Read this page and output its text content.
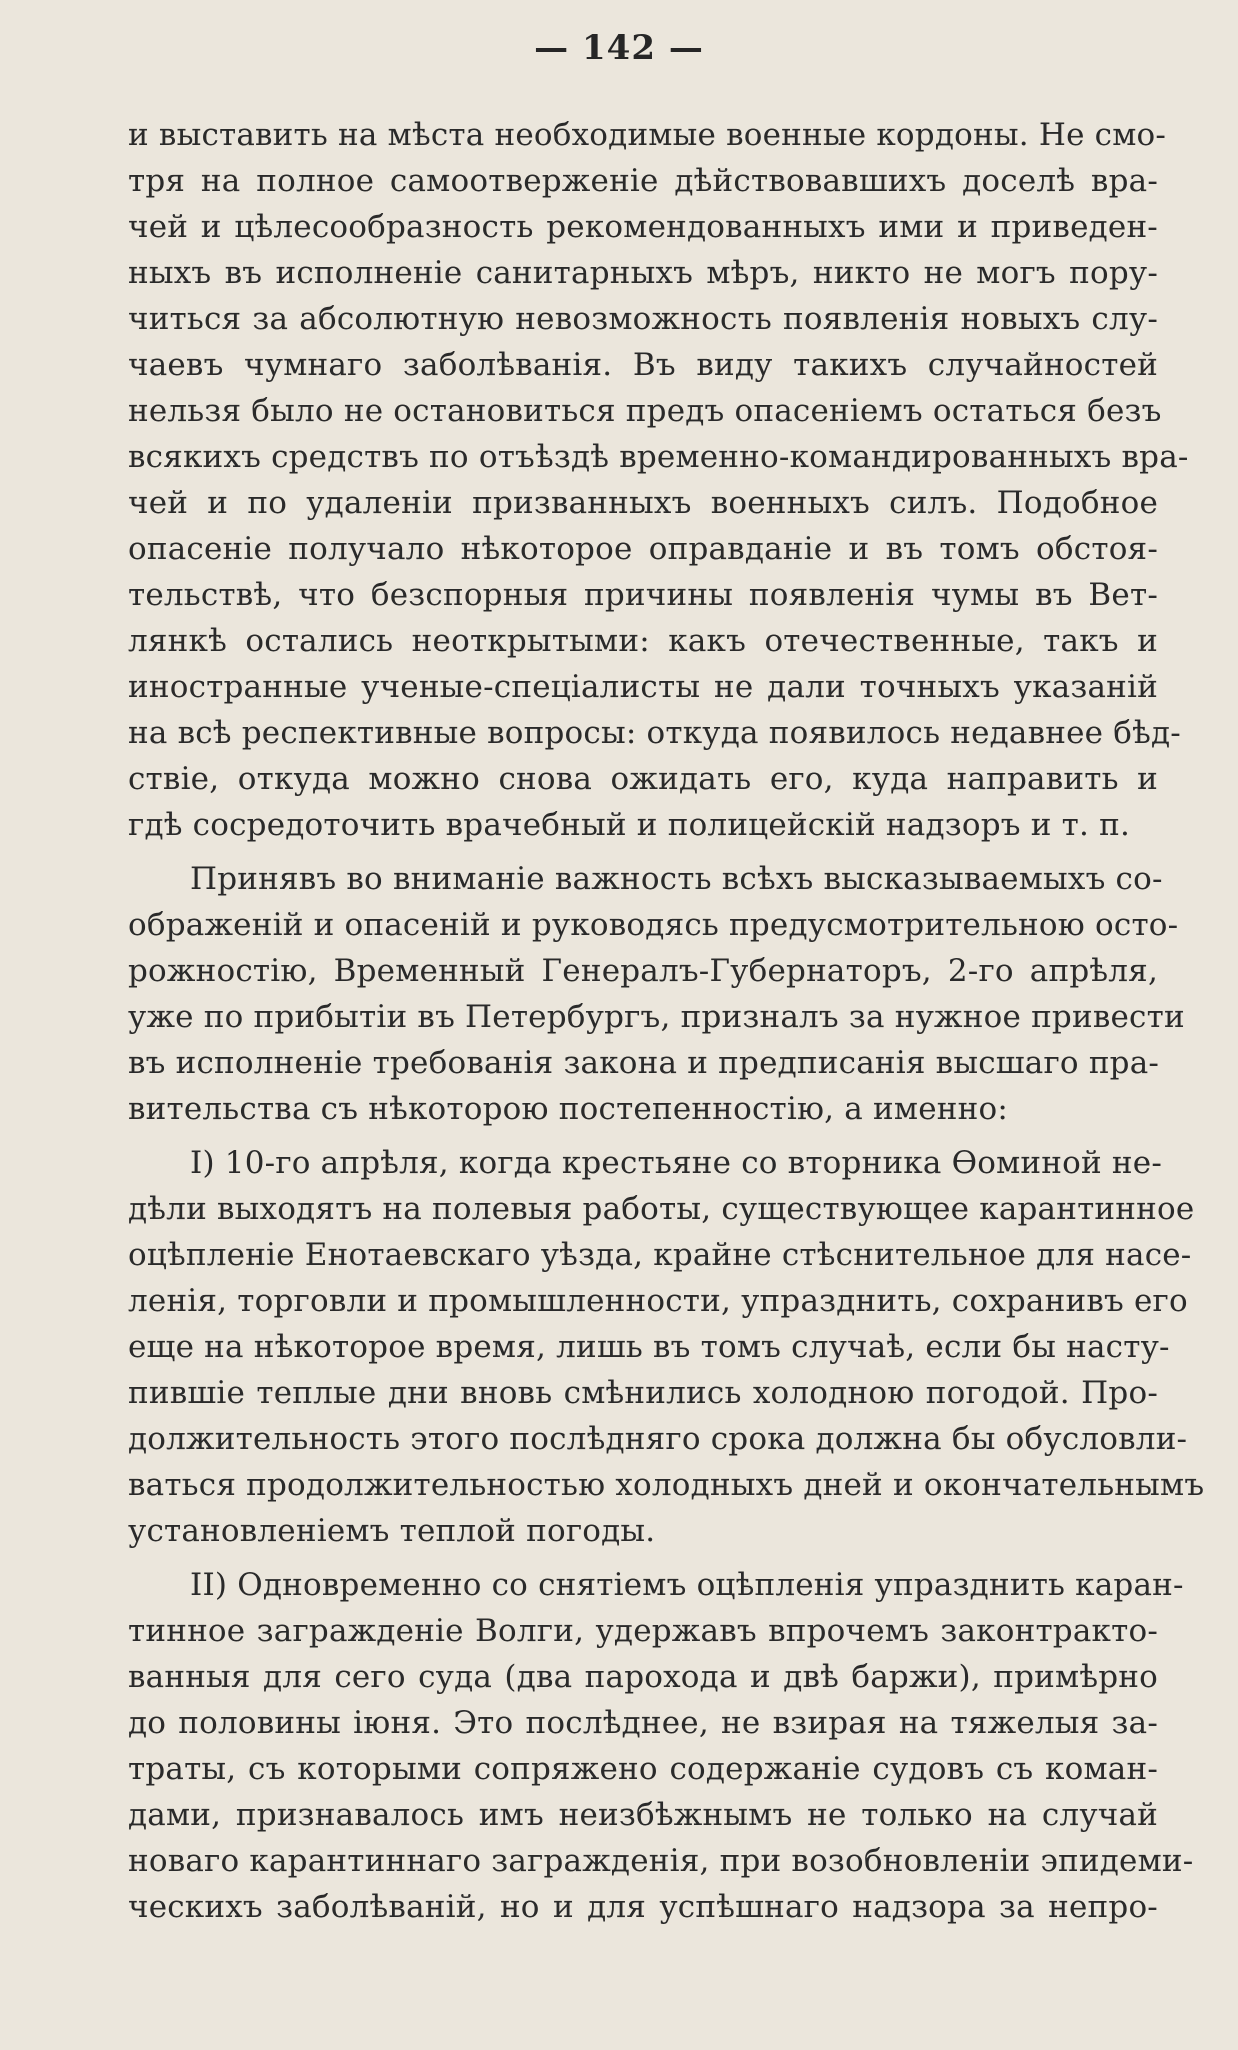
— 142 —
и выставить на мѣста необходимые военные кордоны. Не смо-
тря на полное самоотверженіе дѣйствовавшихъ доселѣ вра-
чей и цѣлесообразность рекомендованныхъ ими и приведен-
ныхъ въ исполненіе санитарныхъ мѣръ, никто не могъ пору-
читься за абсолютную невозможность появленія новыхъ слу-
чаевъ чумнаго заболѣванія. Въ виду такихъ случайностей
нельзя было не остановиться предъ опасеніемъ остаться безъ
всякихъ средствъ по отъѣздѣ временно-командированныхъ вра-
чей и по удаленіи призванныхъ военныхъ силъ. Подобное
опасеніе получало нѣкоторое оправданіе и въ томъ обстоя-
тельствѣ, что безспорныя причины появленія чумы въ Вет-
лянкѣ остались неоткрытыми: какъ отечественные, такъ и
иностранные ученые-спеціалисты не дали точныхъ указаній
на всѣ респективные вопросы: откуда появилось недавнее бѣд-
ствіе, откуда можно снова ожидать его, куда направить и
гдѣ сосредоточить врачебный и полицейскій надзоръ и т. п.
Принявъ во вниманіе важность всѣхъ высказываемыхъ со-
ображеній и опасеній и руководясь предусмотрительною осто-
рожностію, Временный Генералъ-Губернаторъ, 2-го апрѣля,
уже по прибытіи въ Петербургъ, призналъ за нужное привести
въ исполненіе требованія закона и предписанія высшаго пра-
вительства съ нѣкоторою постепенностію, а именно:
I) 10-го апрѣля, когда крестьяне со вторника Ѳоминой не-
дѣли выходятъ на полевыя работы, существующее карантинное
оцѣпленіе Енотаевскаго уѣзда, крайне стѣснительное для насе-
ленія, торговли и промышленности, упразднить, сохранивъ его
еще на нѣкоторое время, лишь въ томъ случаѣ, если бы насту-
пившіе теплые дни вновь смѣнились холодною погодой. Про-
должительность этого послѣдняго срока должна бы обусловли-
ваться продолжительностью холодныхъ дней и окончательнымъ
установленіемъ теплой погоды.
II) Одновременно со снятіемъ оцѣпленія упразднить каран-
тинное загражденіе Волги, удержавъ впрочемъ законтракто-
ванныя для сего суда (два парохода и двѣ баржи), примѣрно
до половины іюня. Это послѣднее, не взирая на тяжелыя за-
траты, съ которыми сопряжено содержаніе судовъ съ коман-
дами, признавалось имъ неизбѣжнымъ не только на случай
новаго карантиннаго загражденія, при возобновленіи эпидеми-
ческихъ заболѣваній, но и для успѣшнаго надзора за непро-
